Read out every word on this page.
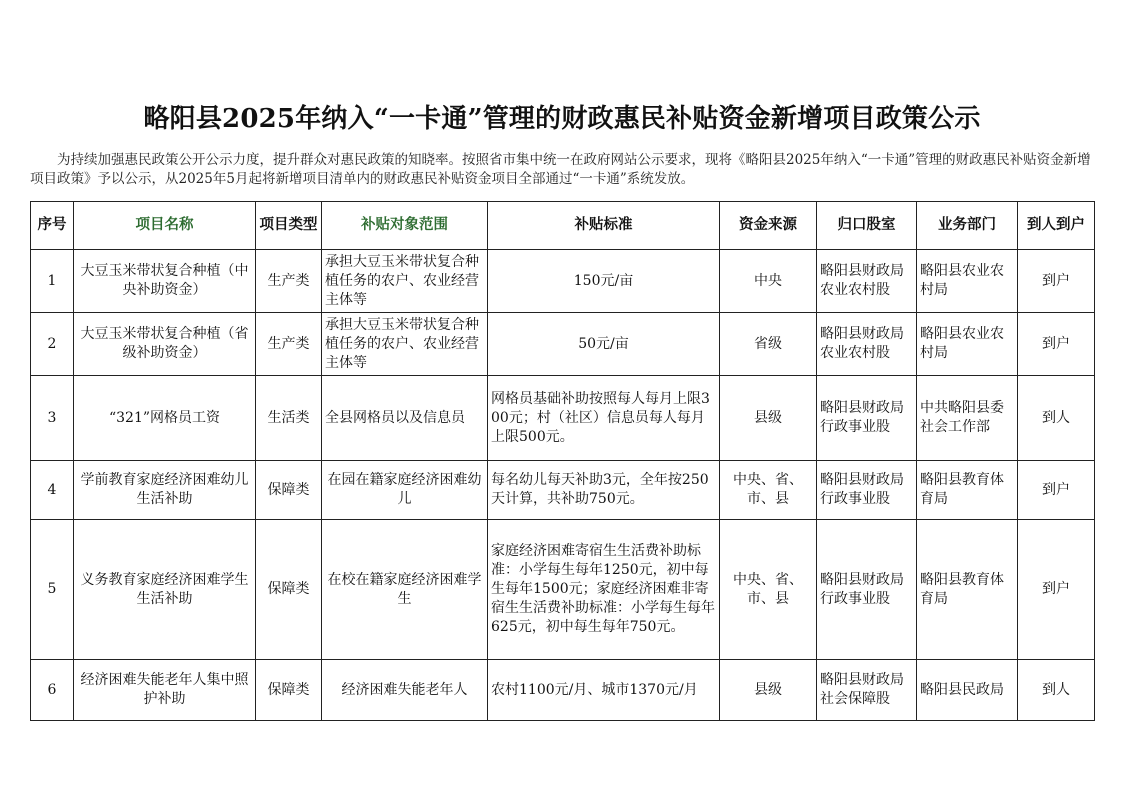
略阳县2025年纳入“一卡通”管理的财政惠民补贴资金新增项目政策公示
为持续加强惠民政策公开公示力度，提升群众对惠民政策的知晓率。按照省市集中统一在政府网站公示要求，现将《略阳县2025年纳入“一卡通”管理的财政惠民补贴资金新增项目政策》予以公示，从2025年5月起将新增项目清单内的财政惠民补贴资金项目全部通过“一卡通”系统发放。
序号	项目名称	项目类型	补贴对象范围	补贴标准	资金来源	归口股室	业务部门	到人到户
1	大豆玉米带状复合种植（中央补助资金）	生产类	承担大豆玉米带状复合种植任务的农户、农业经营主体等	150元/亩	中央	略阳县财政局农业农村股	略阳县农业农村局	到户
2	大豆玉米带状复合种植（省级补助资金）	生产类	承担大豆玉米带状复合种植任务的农户、农业经营主体等	50元/亩	省级	略阳县财政局农业农村股	略阳县农业农村局	到户
3	“321”网格员工资	生活类	全县网格员以及信息员	网格员基础补助按照每人每月上限300元；村（社区）信息员每人每月上限500元。	县级	略阳县财政局行政事业股	中共略阳县委社会工作部	到人
4	学前教育家庭经济困难幼儿生活补助	保障类	在园在籍家庭经济困难幼儿	每名幼儿每天补助3元，全年按250天计算，共补助750元。	中央、省、市、县	略阳县财政局行政事业股	略阳县教育体育局	到户
5	义务教育家庭经济困难学生生活补助	保障类	在校在籍家庭经济困难学生	家庭经济困难寄宿生生活费补助标准：小学每生每年1250元，初中每生每年1500元；家庭经济困难非寄宿生生活费补助标准：小学每生每年625元，初中每生每年750元。	中央、省、市、县	略阳县财政局行政事业股	略阳县教育体育局	到户
6	经济困难失能老年人集中照护补助	保障类	经济困难失能老年人	农村1100元/月、城市1370元/月	县级	略阳县财政局社会保障股	略阳县民政局	到人
